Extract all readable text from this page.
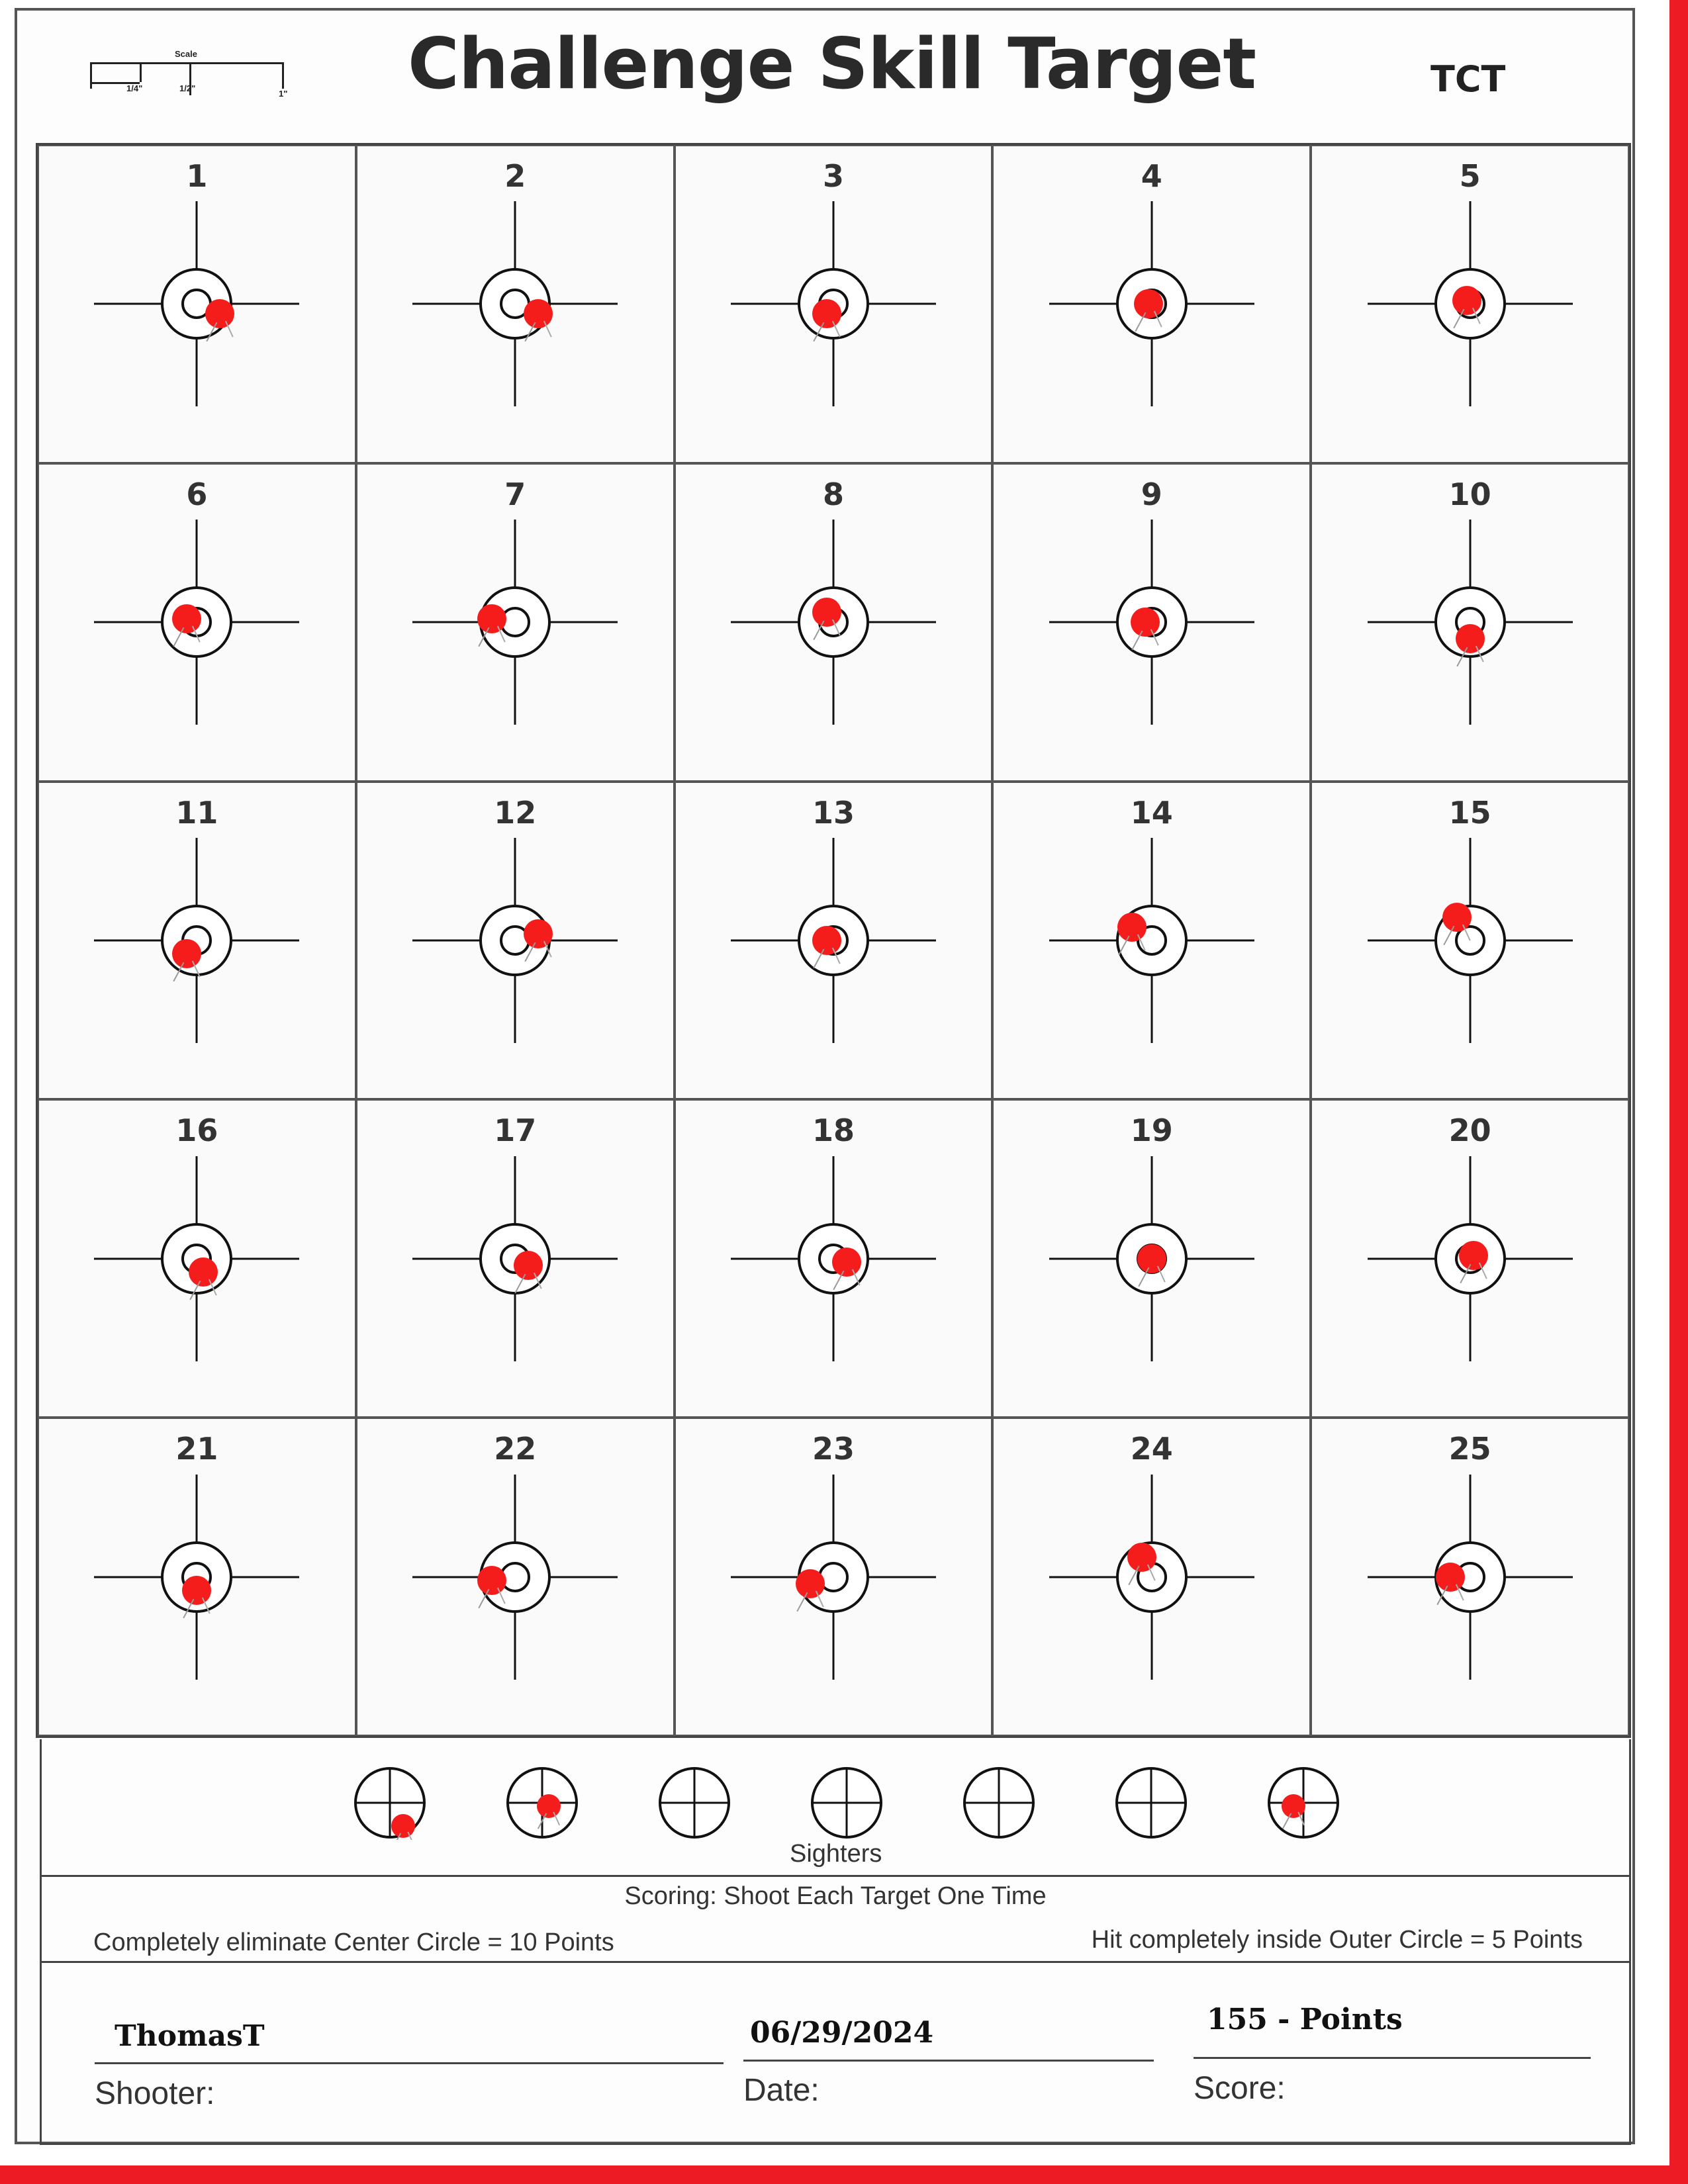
Scale
1/4"	1/2"
1" Challenge Skill Target	TCT
1	2	3	4	5
6	7	8	9	10
11	12	13	14	15
16	17	18	19	20
21	22	23	24	25
Sighters
Scoring: Shoot Each Target One Time
Completely eliminate Center Circle = 10 Points	Hit completely inside Outer Circle = 5 Points
ThomasT
Shooter:
06/29/2024
Date:
155 - Points
Score:
